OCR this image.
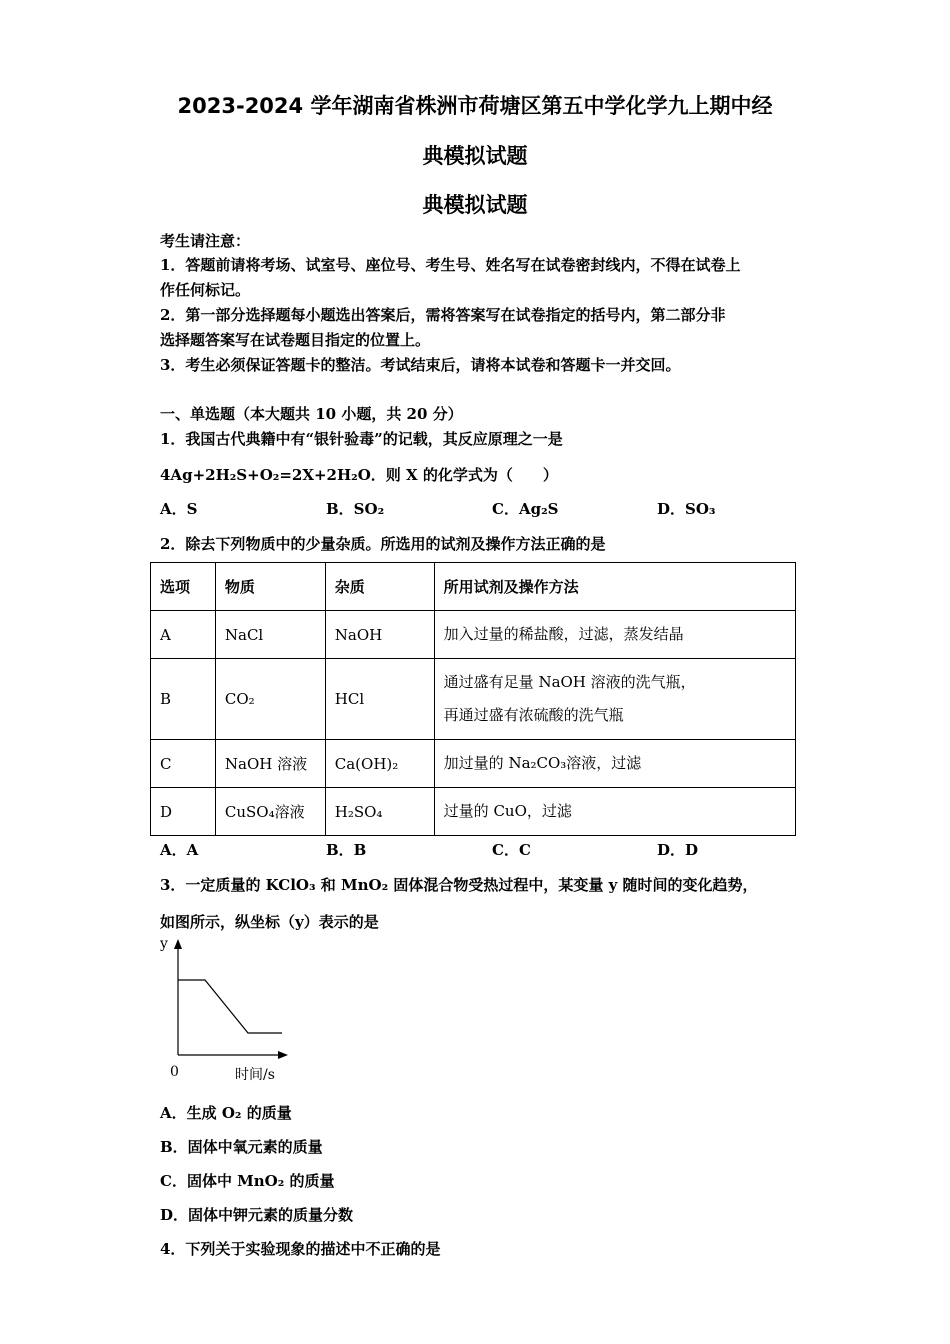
2023-2024 学年湖南省株洲市荷塘区第五中学化学九上期中经
典模拟试题
典模拟试题
考生请注意：
1．答题前请将考场、试室号、座位号、考生号、姓名写在试卷密封线内，不得在试卷上
作任何标记。
2．第一部分选择题每小题选出答案后，需将答案写在试卷指定的括号内，第二部分非
选择题答案写在试卷题目指定的位置上。
3．考生必须保证答题卡的整洁。考试结束后，请将本试卷和答题卡一并交回。
一、单选题（本大题共 10 小题，共 20 分）
1．我国古代典籍中有“银针验毒”的记载，其反应原理之一是
4Ag+2H₂S+O₂=2X+2H₂O．则 X 的化学式为（　　）
A．S	B．SO₂	C．Ag₂S	D．SO₃
2．除去下列物质中的少量杂质。所选用的试剂及操作方法正确的是
选项	物质	杂质	所用试剂及操作方法
A	NaCl	NaOH	加入过量的稀盐酸，过滤，蒸发结晶

B	CO₂	HCl	通过盛有足量 NaOH 溶液的洗气瓶，
再通过盛有浓硫酸的洗气瓶

C	NaOH 溶液	Ca(OH)₂	加过量的 Na₂CO₃溶液，过滤

D	CuSO₄溶液	H₂SO₄	过量的 CuO，过滤
A．A	B．B	C．C	D．D
3．一定质量的 KClO₃ 和 MnO₂ 固体混合物受热过程中，某变量 y 随时间的变化趋势，
如图所示，纵坐标（y）表示的是
y
0	时间/s
A．生成 O₂ 的质量
B．固体中氧元素的质量
C．固体中 MnO₂ 的质量
D．固体中钾元素的质量分数
4．下列关于实验现象的描述中不正确的是
